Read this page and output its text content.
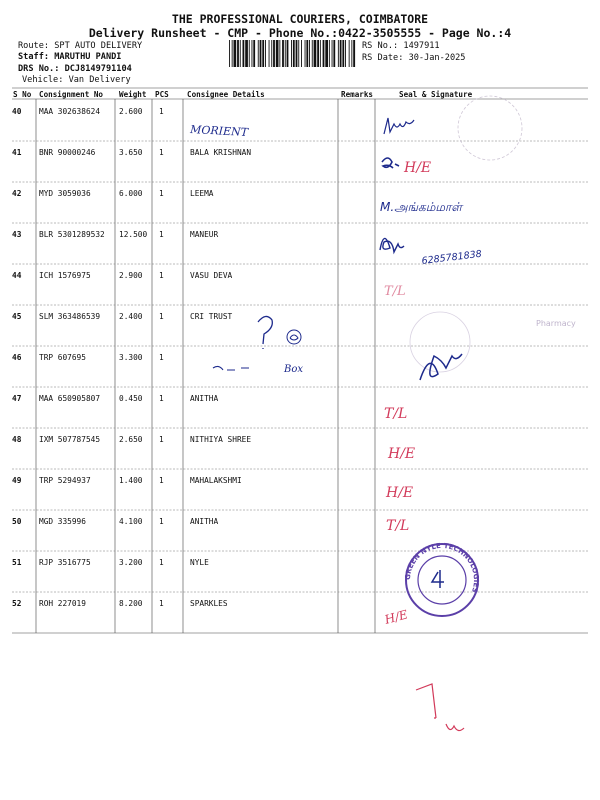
THE PROFESSIONAL COURIERS, COIMBATORE
Delivery Runsheet - CMP - Phone No.:0422-3505555 - Page No.:4
Route: SPT AUTO DELIVERY
Staff: MARUTHU PANDI
DRS No.: DCJ8149791104
Vehicle: Van Delivery
RS No.: 1497911
RS Date: 30-Jan-2025
S No Consignment No Weight PCS Consignee Details	Remarks	Seal & Signature
40 MAA 302638624 2.600 1
41 BNR 90000246	3.650 1	BALA KRISHNAN
42 MYD 3059036	6.000 1	LEEMA
43 BLR 5301289532 12.500 1	MANEUR
44 ICH 1576975	2.900 1	VASU DEVA
45 SLM 363486539 2.400 1	CRI TRUST
46 TRP 607695	3.300 1
47 MAA 650905807 0.450 1	ANITHA
48 IXM 507787545 2.650 1	NITHIYA SHREE
49 TRP 5294937	1.400 1	MAHALAKSHMI
50 MGD 335996	4.100 1	ANITHA
51 RJP 3516775	3.200 1	NYLE
52 ROH 227019	8.200 1	SPARKLES
MORIENT
H/E
M.அங்கம்மாள்
6285781838
T/L
Box
Pharmacy
T/L
H/E
H/E
T/L
GREEN NYLE TECHNOLOGIES
H/E
